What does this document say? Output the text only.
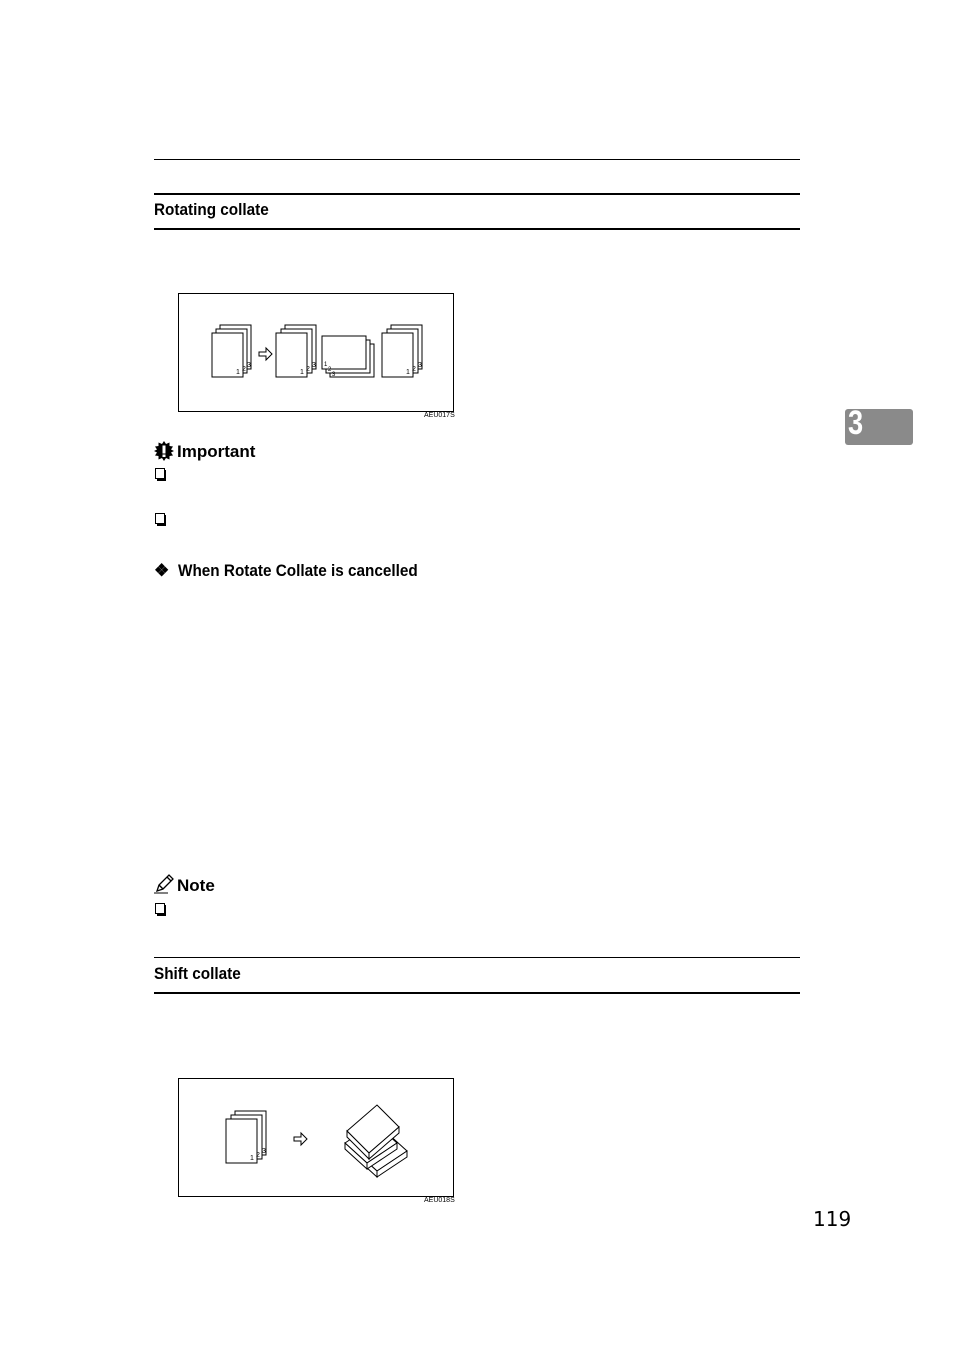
Rotating collate
1 2
3
1 2
3
1 2
3
1
2
3
AEU017S
Important
❖ When Rotate Collate is cancelled
Note
Shift collate
1 2
3
AEU018S
3
119
